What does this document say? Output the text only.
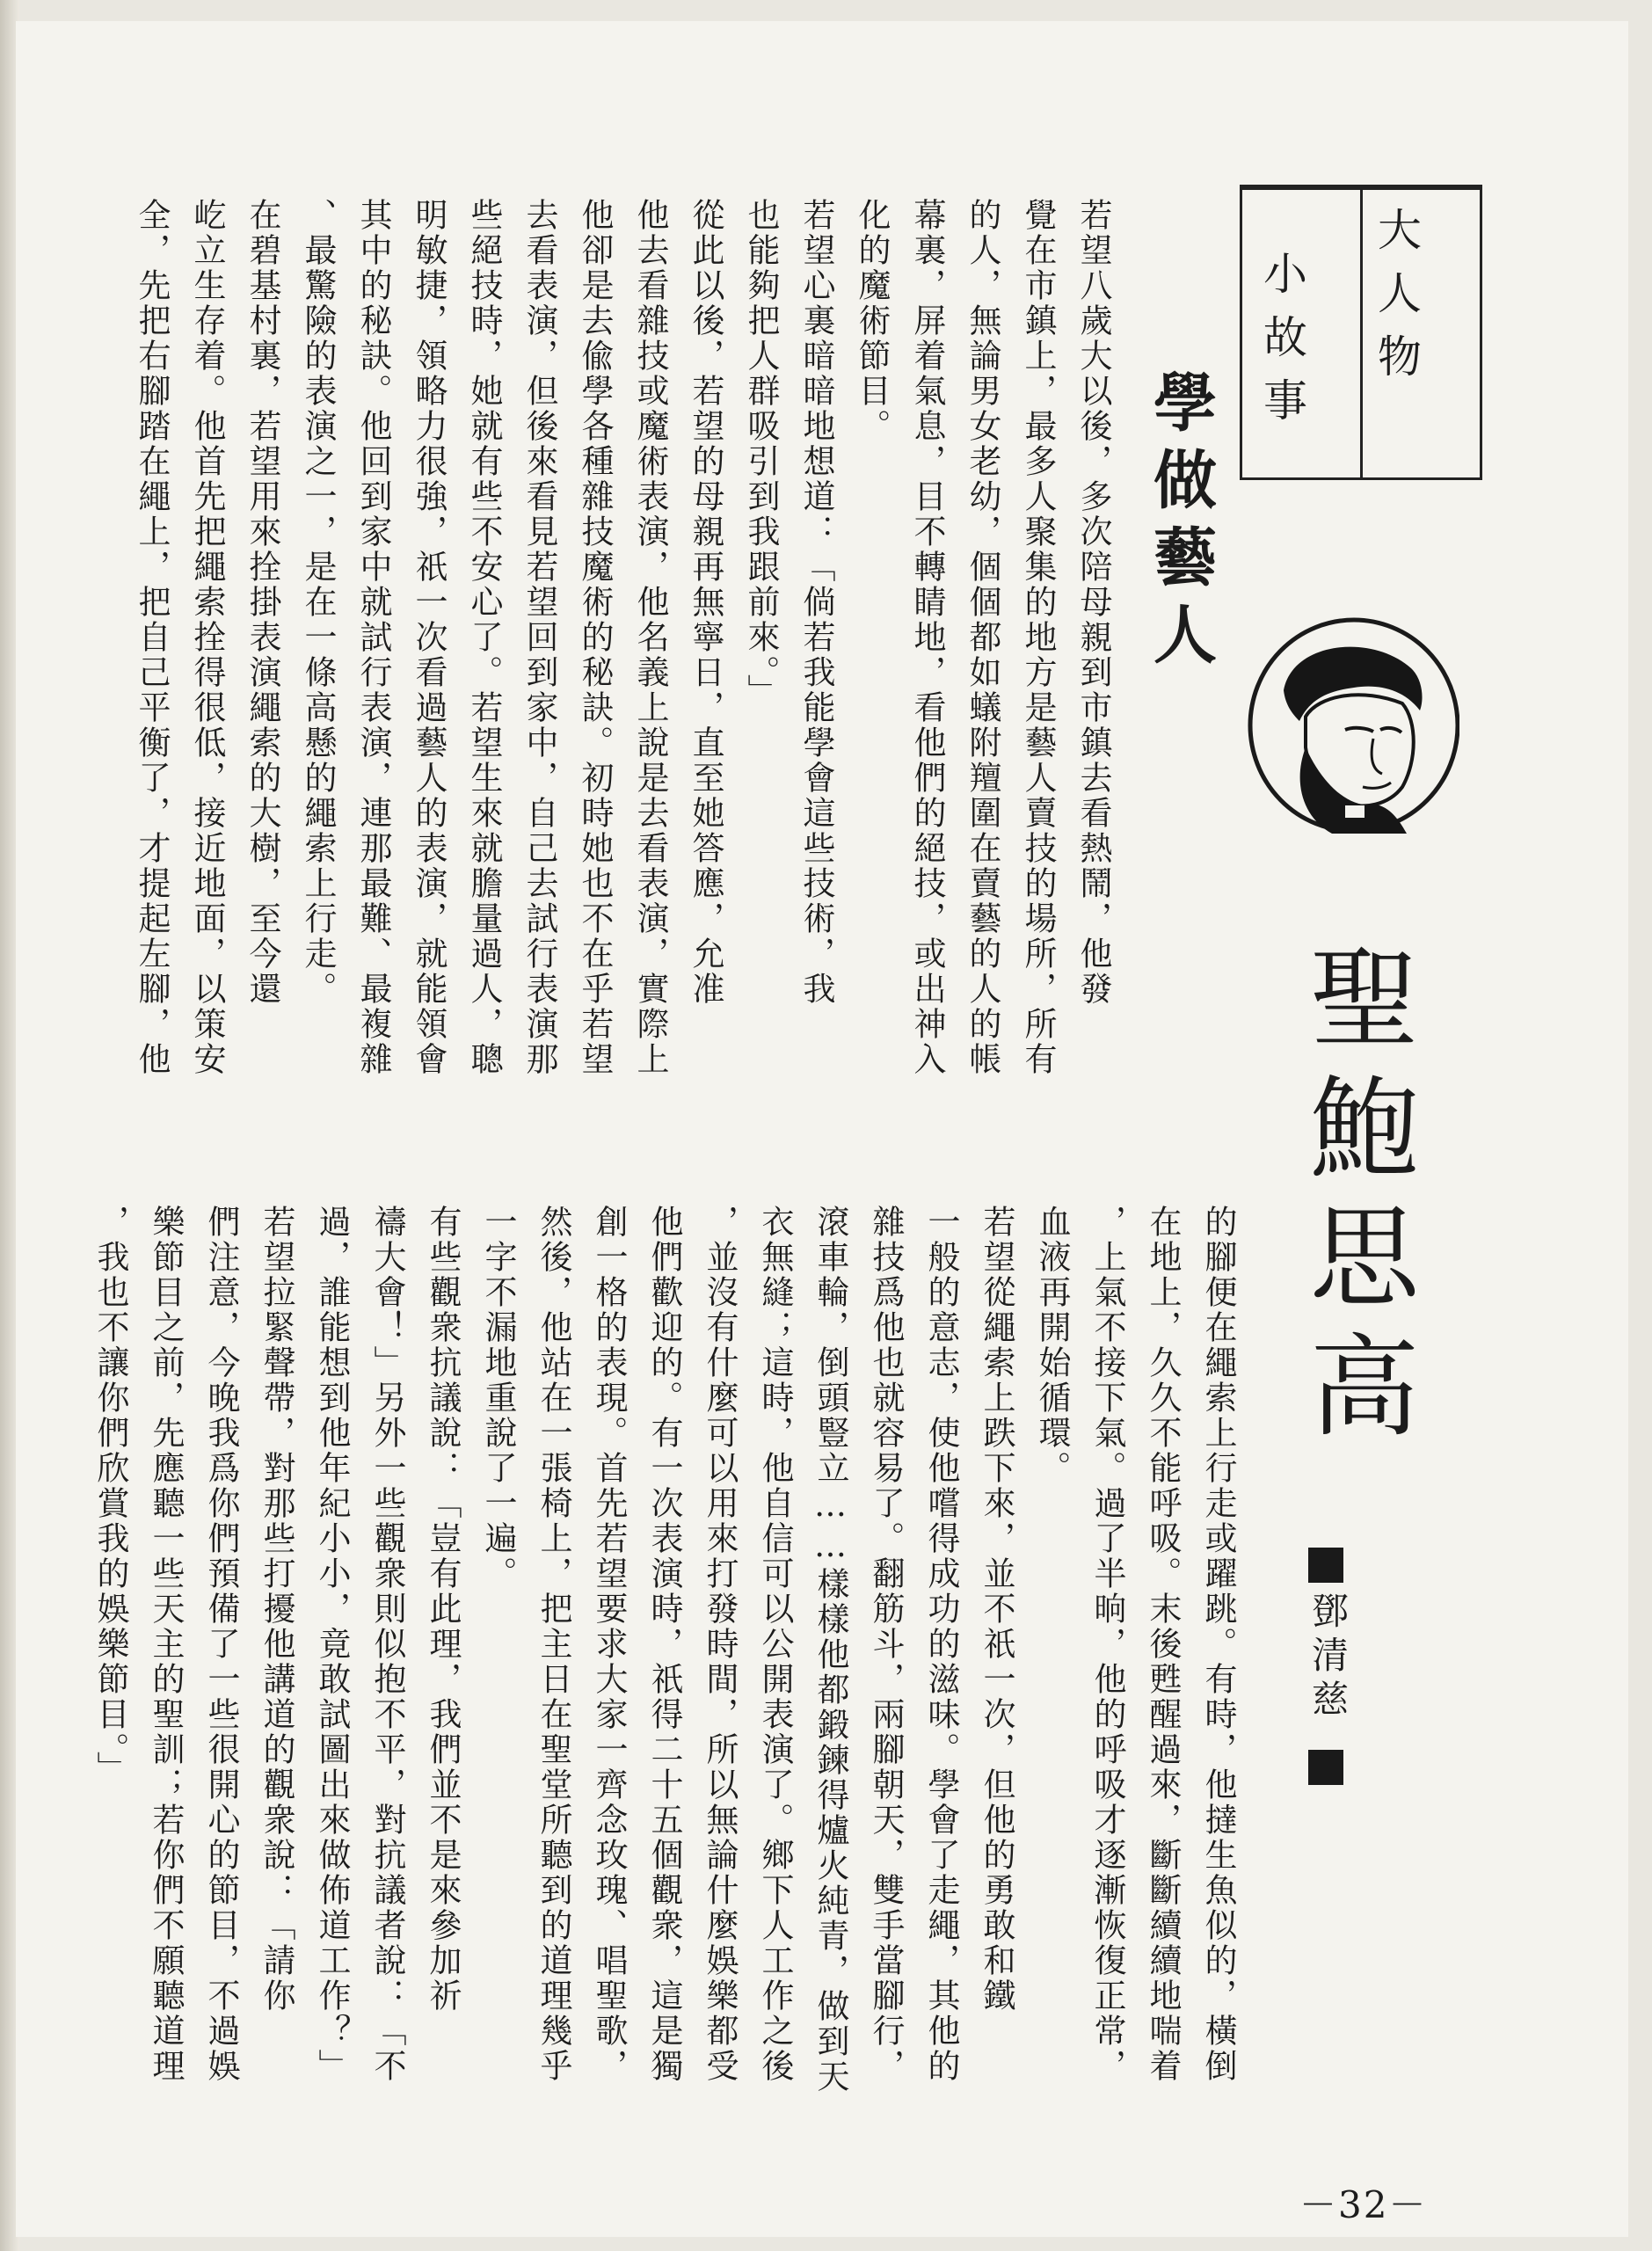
大人物
小故事
學做藝人
聖鮑思高
鄧清慈
若望八歲大以後，多次陪母親到市鎮去看熱鬧，他發
覺在市鎮上，最多人聚集的地方是藝人賣技的場所，所有
的人，無論男女老幼，個個都如蟻附羶圍在賣藝的人的帳
幕裏，屏着氣息，目不轉睛地，看他們的絕技，或出神入
化的魔術節目。
若望心裏暗暗地想道：「倘若我能學會這些技術，我
也能夠把人群吸引到我跟前來。」
從此以後，若望的母親再無寧日，直至她答應，允准
他去看雜技或魔術表演，他名義上說是去看表演，實際上
他卻是去偸學各種雜技魔術的秘訣。初時她也不在乎若望
去看表演，但後來看見若望回到家中，自己去試行表演那
些絕技時，她就有些不安心了。若望生來就膽量過人，聰
明敏捷，領略力很強，祇一次看過藝人的表演，就能領會
其中的秘訣。他回到家中就試行表演，連那最難、最複雜
、最驚險的表演之一，是在一條高懸的繩索上行走。
在碧基村裏，若望用來拴掛表演繩索的大樹，至今還
屹立生存着。他首先把繩索拴得很低，接近地面，以策安
全，先把右腳踏在繩上，把自己平衡了，才提起左腳，他
的腳便在繩索上行走或躍跳。有時，他撻生魚似的，橫倒
在地上，久久不能呼吸。末後甦醒過來，斷斷續續地喘着
，上氣不接下氣。過了半晌，他的呼吸才逐漸恢復正常，
血液再開始循環。
若望從繩索上跌下來，並不祇一次，但他的勇敢和鐵
一般的意志，使他嚐得成功的滋味。學會了走繩，其他的
雜技爲他也就容易了。翻筋斗，兩腳朝天，雙手當腳行，
滾車輪，倒頭豎立……樣樣他都鍛鍊得爐火純青，做到天
衣無縫；這時，他自信可以公開表演了。鄉下人工作之後
，並沒有什麼可以用來打發時間，所以無論什麼娛樂都受
他們歡迎的。有一次表演時，祇得二十五個觀衆，這是獨
創一格的表現。首先若望要求大家一齊念玫瑰、唱聖歌，
然後，他站在一張椅上，把主日在聖堂所聽到的道理幾乎
一字不漏地重說了一遍。
有些觀衆抗議說：「豈有此理，我們並不是來參加祈
禱大會！」另外一些觀衆則似抱不平，對抗議者說：「不
過，誰能想到他年紀小小，竟敢試圖出來做佈道工作？」
若望拉緊聲帶，對那些打擾他講道的觀衆說：「請你
們注意，今晚我爲你們預備了一些很開心的節目，不過娛
樂節目之前，先應聽一些天主的聖訓；若你們不願聽道理
，我也不讓你們欣賞我的娛樂節目。」
－32－
